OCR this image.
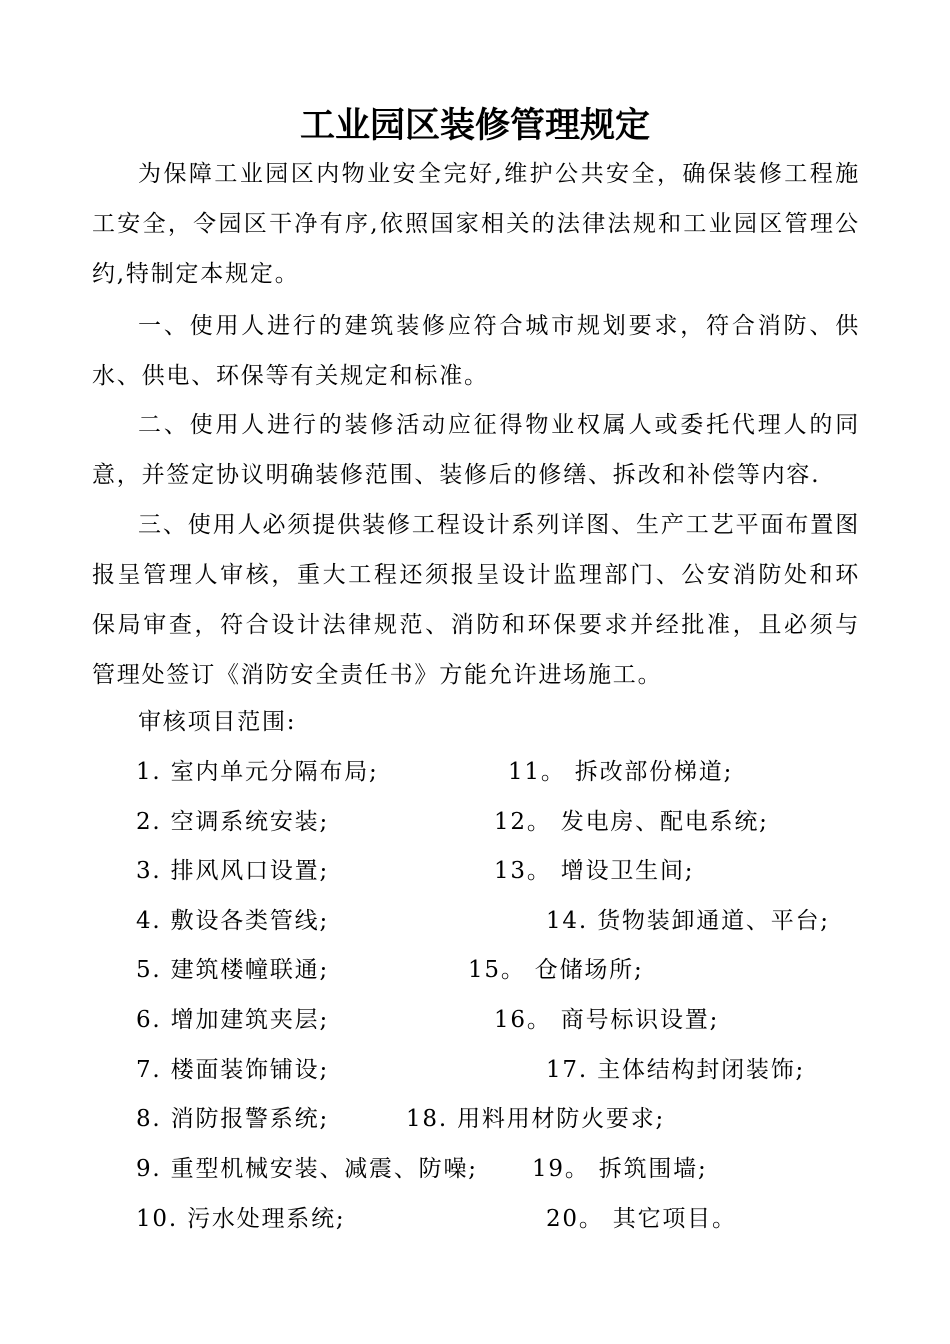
工业园区装修管理规定
为保障工业园区内物业安全完好,维护公共安全，确保装修工程施工安全，令园区干净有序,依照国家相关的法律法规和工业园区管理公约,特制定本规定。
一、使用人进行的建筑装修应符合城市规划要求，符合消防、供水、供电、环保等有关规定和标准。
二、使用人进行的装修活动应征得物业权属人或委托代理人的同意，并签定协议明确装修范围、装修后的修缮、拆改和补偿等内容.
三、使用人必须提供装修工程设计系列详图、生产工艺平面布置图报呈管理人审核，重大工程还须报呈设计监理部门、公安消防处和环保局审查，符合设计法律规范、消防和环保要求并经批准，且必须与管理处签订《消防安全责任书》方能允许进场施工。
审核项目范围:
1. 室内单元分隔布局;	11。 拆改部份梯道;
2. 空调系统安装;	12。 发电房、配电系统;
3. 排风风口设置;	13。 增设卫生间;
4. 敷设各类管线;	14. 货物装卸通道、平台;
5. 建筑楼幢联通;	15。 仓储场所;
6. 增加建筑夹层;	16。 商号标识设置;
7. 楼面装饰铺设;	17. 主体结构封闭装饰;
8. 消防报警系统;	18. 用料用材防火要求;
9. 重型机械安装、减震、防噪; 19。 拆筑围墙;
10. 污水处理系统;	20。 其它项目。
